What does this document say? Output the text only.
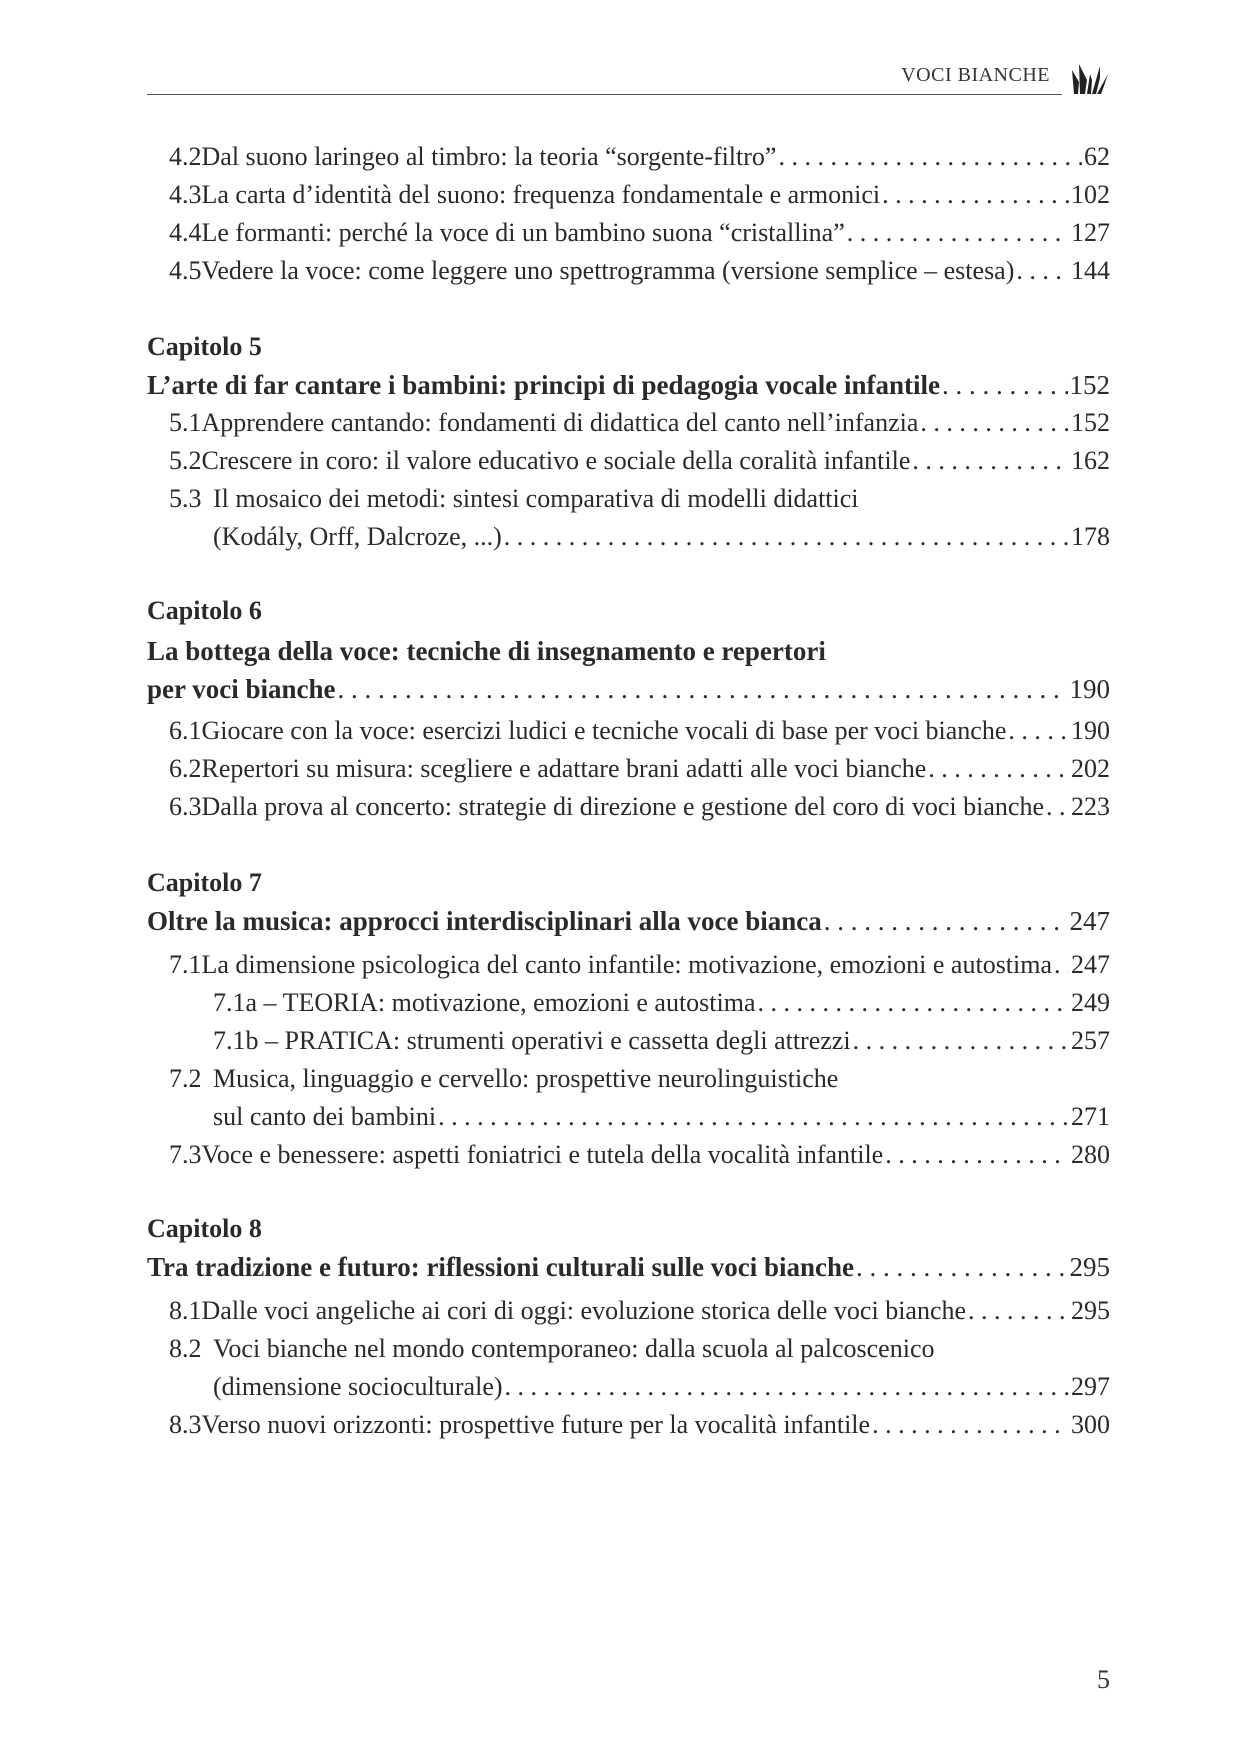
VOCI BIANCHE
4.2 Dal suono laringeo al timbro: la teoria “sorgente-filtro” . . .	62
4.3 La carta d’identità del suono: frequenza fondamentale e armonici . . .	102
4.4 Le formanti: perché la voce di un bambino suona “cristallina” . . .	127
4.5 Vedere la voce: come leggere uno spettrogramma (versione semplice – estesa) . . . 144
Capitolo 5
L’arte di far cantare i bambini: principi di pedagogia vocale infantile . . .	152
5.1 Apprendere cantando: fondamenti di didattica del canto nell’infanzia . . .	152
5.2 Crescere in coro: il valore educativo e sociale della coralità infantile . . .	162
5.3 Il mosaico dei metodi: sintesi comparativa di modelli didattici
(Kodály, Orff, Dalcroze, ...) . . .	178
Capitolo 6
La bottega della voce: tecniche di insegnamento e repertori
per voci bianche . . .	190
6.1 Giocare con la voce: esercizi ludici e tecniche vocali di base per voci bianche . . . 190
6.2 Repertori su misura: scegliere e adattare brani adatti alle voci bianche . . .	202
6.3 Dalla prova al concerto: strategie di direzione e gestione del coro di voci bianche . . . 223
Capitolo 7
Oltre la musica: approcci interdisciplinari alla voce bianca . . .	247
7.1 La dimensione psicologica del canto infantile: motivazione, emozioni e autostima . . . 247
7.1a – TEORIA: motivazione, emozioni e autostima . . .	249
7.1b – PRATICA: strumenti operativi e cassetta degli attrezzi . . .	257
7.2 Musica, linguaggio e cervello: prospettive neurolinguistiche
sul canto dei bambini . . .	271
7.3 Voce e benessere: aspetti foniatrici e tutela della vocalità infantile . . .	280
Capitolo 8
Tra tradizione e futuro: riflessioni culturali sulle voci bianche . . .	295
8.1 Dalle voci angeliche ai cori di oggi: evoluzione storica delle voci bianche . . .	295
8.2 Voci bianche nel mondo contemporaneo: dalla scuola al palcoscenico
(dimensione socioculturale) . . .	297
8.3 Verso nuovi orizzonti: prospettive future per la vocalità infantile . . .	300
5
